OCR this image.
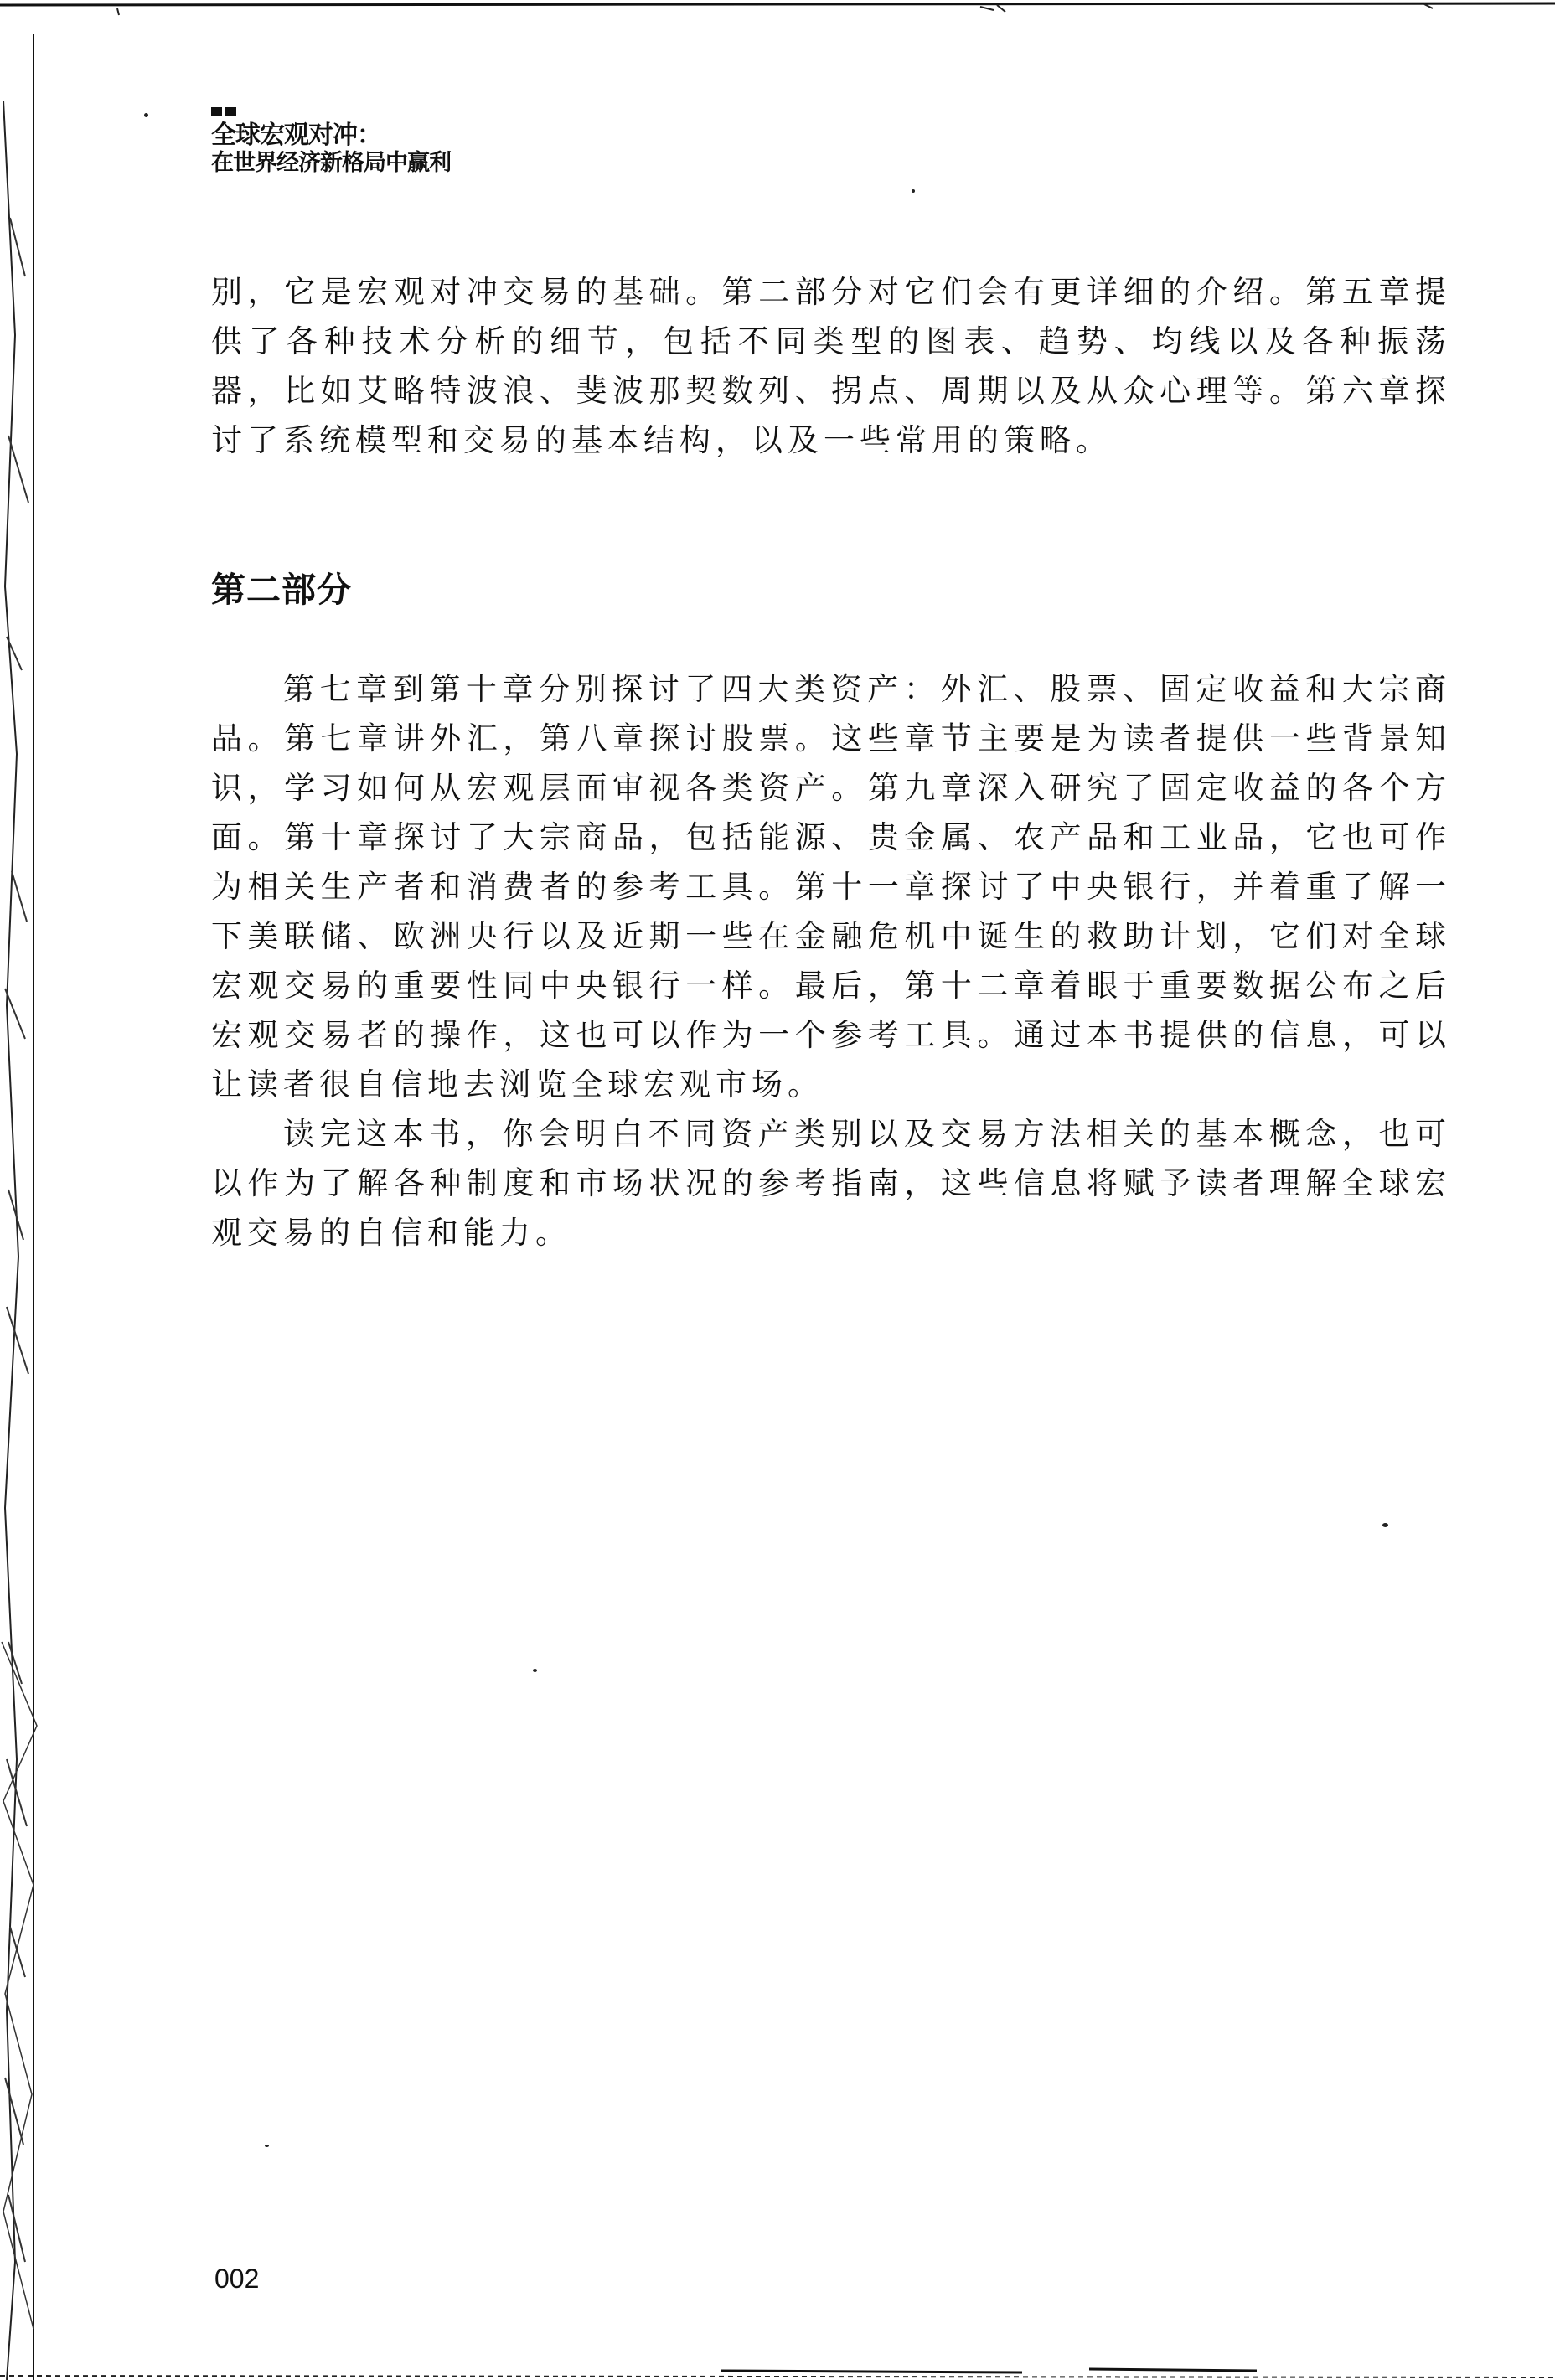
全球宏观对冲：
在世界经济新格局中赢利

别，它是宏观对冲交易的基础。第二部分对它们会有更详细的介绍。第五章提供了各种技术分析的细节，包括不同类型的图表、趋势、均线以及各种振荡器，比如艾略特波浪、斐波那契数列、拐点、周期以及从众心理等。第六章探讨了系统模型和交易的基本结构，以及一些常用的策略。

第二部分

第七章到第十章分别探讨了四大类资产：外汇、股票、固定收益和大宗商品。第七章讲外汇，第八章探讨股票。这些章节主要是为读者提供一些背景知识，学习如何从宏观层面审视各类资产。第九章深入研究了固定收益的各个方面。第十章探讨了大宗商品，包括能源、贵金属、农产品和工业品，它也可作为相关生产者和消费者的参考工具。第十一章探讨了中央银行，并着重了解一下美联储、欧洲央行以及近期一些在金融危机中诞生的救助计划，它们对全球宏观交易的重要性同中央银行一样。最后，第十二章着眼于重要数据公布之后宏观交易者的操作，这也可以作为一个参考工具。通过本书提供的信息，可以让读者很自信地去浏览全球宏观市场。

读完这本书，你会明白不同资产类别以及交易方法相关的基本概念，也可以作为了解各种制度和市场状况的参考指南，这些信息将赋予读者理解全球宏观交易的自信和能力。

002
